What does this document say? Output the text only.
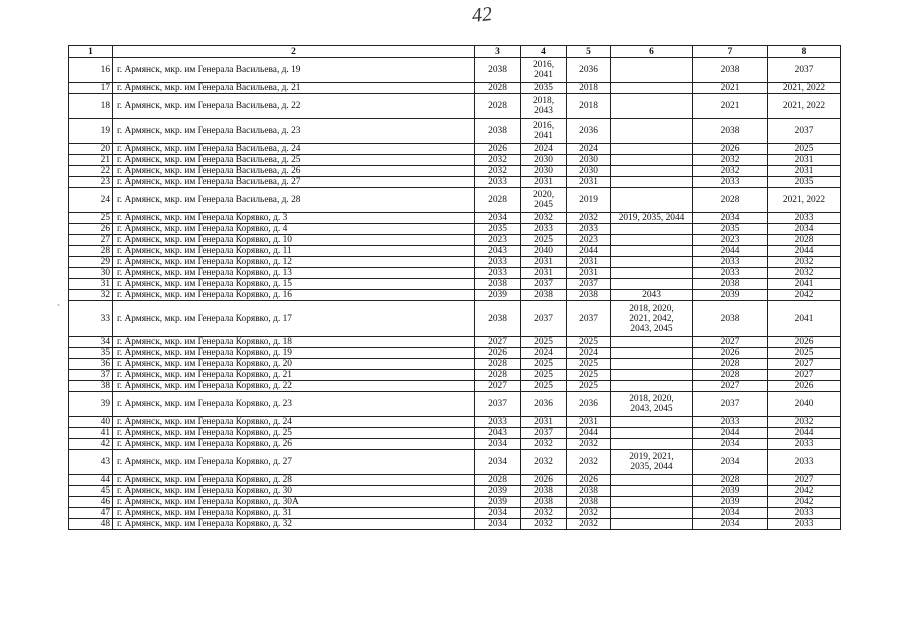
42
`
1	2	3	4	5	6	7	8
16	г. Армянск, мкр. им Генерала Васильева, д. 19	2038	2016,
2041	2036		2038	2037
17	г. Армянск, мкр. им Генерала Васильева, д. 21	2028	2035	2018		2021	2021, 2022
18	г. Армянск, мкр. им Генерала Васильева, д. 22	2028	2018,
2043	2018		2021	2021, 2022
19	г. Армянск, мкр. им Генерала Васильева, д. 23	2038	2016,
2041	2036		2038	2037
20	г. Армянск, мкр. им Генерала Васильева, д. 24	2026	2024	2024		2026	2025
21	г. Армянск, мкр. им Генерала Васильева, д. 25	2032	2030	2030		2032	2031
22	г. Армянск, мкр. им Генерала Васильева, д. 26	2032	2030	2030		2032	2031
23	г. Армянск, мкр. им Генерала Васильева, д. 27	2033	2031	2031		2033	2035
24	г. Армянск, мкр. им Генерала Васильева, д. 28	2028	2020,
2045	2019		2028	2021, 2022
25	г. Армянск, мкр. им Генерала Корявко, д. 3	2034	2032	2032	2019, 2035, 2044	2034	2033
26	г. Армянск, мкр. им Генерала Корявко, д. 4	2035	2033	2033		2035	2034
27	г. Армянск, мкр. им Генерала Корявко, д. 10	2023	2025	2023		2023	2028
28	г. Армянск, мкр. им Генерала Корявко, д. 11	2043	2040	2044		2044	2044
29	г. Армянск, мкр. им Генерала Корявко, д. 12	2033	2031	2031		2033	2032
30	г. Армянск, мкр. им Генерала Корявко, д. 13	2033	2031	2031		2033	2032
31	г. Армянск, мкр. им Генерала Корявко, д. 15	2038	2037	2037		2038	2041
32	г. Армянск, мкр. им Генерала Корявко, д. 16	2039	2038	2038	2043	2039	2042
33	г. Армянск, мкр. им Генерала Корявко, д. 17	2038	2037	2037	2018, 2020,
2021, 2042,
2043, 2045	2038	2041
34	г. Армянск, мкр. им Генерала Корявко, д. 18	2027	2025	2025		2027	2026
35	г. Армянск, мкр. им Генерала Корявко, д. 19	2026	2024	2024		2026	2025
36	г. Армянск, мкр. им Генерала Корявко, д. 20	2028	2025	2025		2028	2027
37	г. Армянск, мкр. им Генерала Корявко, д. 21	2028	2025	2025		2028	2027
38	г. Армянск, мкр. им Генерала Корявко, д. 22	2027	2025	2025		2027	2026
39	г. Армянск, мкр. им Генерала Корявко, д. 23	2037	2036	2036	2018, 2020,
2043, 2045	2037	2040
40	г. Армянск, мкр. им Генерала Корявко, д. 24	2033	2031	2031		2033	2032
41	г. Армянск, мкр. им Генерала Корявко, д. 25	2043	2037	2044		2044	2044
42	г. Армянск, мкр. им Генерала Корявко, д. 26	2034	2032	2032		2034	2033
43	г. Армянск, мкр. им Генерала Корявко, д. 27	2034	2032	2032	2019, 2021,
2035, 2044	2034	2033
44	г. Армянск, мкр. им Генерала Корявко, д. 28	2028	2026	2026		2028	2027
45	г. Армянск, мкр. им Генерала Корявко, д. 30	2039	2038	2038		2039	2042
46	г. Армянск, мкр. им Генерала Корявко, д. 30А	2039	2038	2038		2039	2042
47	г. Армянск, мкр. им Генерала Корявко, д. 31	2034	2032	2032		2034	2033
48	г. Армянск, мкр. им Генерала Корявко, д. 32	2034	2032	2032		2034	2033
